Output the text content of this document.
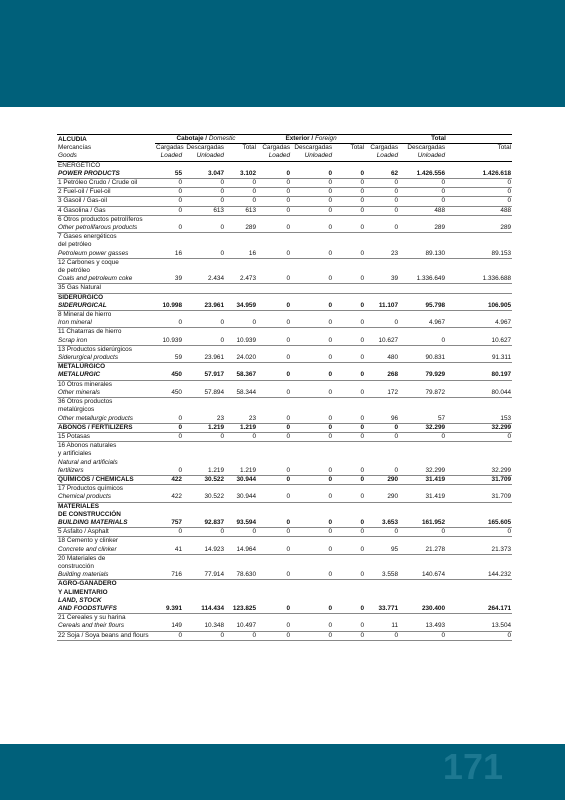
ALCUDIA	Cabotaje / Domestic			Exterior / Foreign			Total		
Mercancías	Cargadas	Descargadas	Total	Cargadas	Descargadas	Total	Cargadas	Descargadas	Total
Goods	Loaded	Unloaded		Loaded	Unloaded		Loaded	Unloaded	

ENERGÉTICO									
POWER PRODUCTS	55	3.047	3.102	0	0	0	62	1.426.556	1.426.618
1 Petróleo Crudo / Crude oil	0	0	0	0	0	0	0	0	0
2 Fuel-oil / Fuel-oil	0	0	0	0	0	0	0	0	0
3 Gasoil / Gas-oil	0	0	0	0	0	0	0	0	0
4 Gasolina / Gas	0	613	613	0	0	0	0	488	488
6 Otros productos petrolíferos									
Other petrolifarous products	0	0	289	0	0	0	0	289	289
7 Gases energéticos									
del petróleo									
Petroleum power gasses	16	0	16	0	0	0	23	89.130	89.153
12 Carbones y coque									
de petróleo									
Coals and petroleum coke	39	2.434	2.473	0	0	0	39	1.336.649	1.336.688
35 Gas Natural									
SIDERÚRGICO									
SIDERURGICAL	10.998	23.961	34.959	0	0	0	11.107	95.798	106.905
8 Mineral de hierro									
Iron mineral	0	0	0	0	0	0	0	4.967	4.967
11 Chatarras de hierro									
Scrap iron	10.939	0	10.939	0	0	0	10.627	0	10.627
13 Productos siderúrgicos									
Siderurgical products	59	23.961	24.020	0	0	0	480	90.831	91.311
METALÚRGICO									
METALURGIC	450	57.917	58.367	0	0	0	268	79.929	80.197
10 Otros minerales									
Other minerals	450	57.894	58.344	0	0	0	172	79.872	80.044
36 Otros productos									
metalúrgicos									
Other metallurgic products	0	23	23	0	0	0	96	57	153
ABONOS / FERTILIZERS	0	1.219	1.219	0	0	0	0	32.299	32.299
15 Potasas	0	0	0	0	0	0	0	0	0
16 Abonos naturales									
y artificiales									
Natural and artificials									
fertilizers	0	1.219	1.219	0	0	0	0	32.299	32.299
QUÍMICOS / CHEMICALS	422	30.522	30.944	0	0	0	290	31.419	31.709
17 Productos químicos									
Chemical products	422	30.522	30.944	0	0	0	290	31.419	31.709
MATERIALES									
DE CONSTRUCCIÓN									
BUILDING MATERIALS	757	92.837	93.594	0	0	0	3.653	161.952	165.605
5 Asfalto / Asphalt	0	0	0	0	0	0	0	0	0
18 Cemento y clinker									
Concrete and clinker	41	14.923	14.964	0	0	0	95	21.278	21.373
20 Materiales de									
construcción									
Building materials	716	77.914	78.630	0	0	0	3.558	140.674	144.232
AGRO-GANADERO									
Y ALIMENTARIO									
LAND, STOCK									
AND FOODSTUFFS	9.391	114.434	123.825	0	0	0	33.771	230.400	264.171
21 Cereales y su harina									
Cereals and their flours	149	10.348	10.497	0	0	0	11	13.493	13.504
22 Soja / Soya beans and flours	0	0	0	0	0	0	0	0	0
171
